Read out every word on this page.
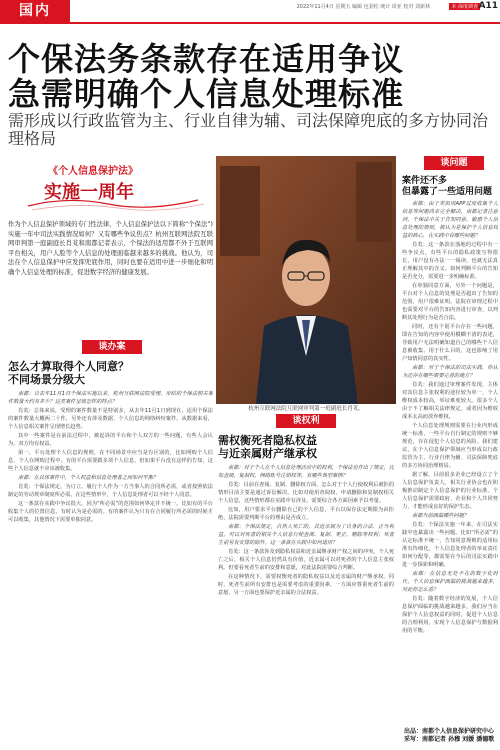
国内	2022年11月4日 星期五 编辑 包劲松 统计 周亚 校对 刘新林	本·深度调查 A11
个保法务条款存在适用争议
急需明确个人信息处理标准
需形成以行政监管为主、行业自律为辅、司法保障兜底的多方协同治理格局
《个人信息保护法》
实施一周年

作为个人信息保护领域的专门性法律，个人信息保护法以下简称“个保法”)实施一年中司法实践情况如何？又有哪些争议焦点？杭州互联网法院互联网审判第一庭副庭长肖芄和南都记者表示，个保法的适用都不外于互联网平台相关，用户人脸等个人信息的处理面临越来越多的挑战。他认为，司法在个人信息保护中应发挥兜底作用，同时也要在适用中进一步细化和明确个人信息处理的标准，促进数字经济的健康发展。

杭州互联网法院互联网审判第一庭副庭长肖芄。
谈办案
怎么才算取得个人同意？
不同场景分级大

南都：自去年11月1日个保法实施以来，杭州互联网法院受理、审结的个保法相关案件数量大约有多少？这类案件呈现怎样的特点？

肖芄：总体来说，受理的案件数量不是特别多，从去年11月1日到现在，适用个保法的案件数量大概两二十件，另外还有涉及数据、个人信息的网络纠纷案件。从数据来看，个人信息相关案件呈现增长趋势。

其中一些案件是在前法过程中，被起诉的平台和个人双方的一些问题，有些人会认为，双方均有权益。

第一，平台处理个人信息的规则，在不同场景中应当是有区别的，比如网购个人信息，个人在网购过程中，有的平台需要跟多项个人信息，但如果平台没有这样的告知，这些个人信息就不应该被收集。

南都：在具体案件中，个人权益和信息处理者之间如何平衡？

肖芄：个保法规定，为订立、履行个人作为一方当事人的合同所必需，或者按照依法制定的劳动规章制度所必需。在这些情形中，个人信息处理者可以不经个人同意。

这一条款在实践中争议很大，因为“所必需”的范围如何界定并不统一。比如有的平台收集个人的位置信息，有时认为是必需的。有的案件认为只有在合同履行所必需的时候才可以收集，其他情况下需要单独同意。

谈权利
需权衡死者隐私权益
与近亲属财产继承权

南都：对于个人在个人信息处理活动中的权利，个保法也作出了规定，比如查阅、复制权，网络账号注销权等，有哪些典型案例？

肖芄：目前在查阅、复制、删除权方面，怎么对于个人行使权利后被拒的情形目前主要是通过诉讼解决。比如对使用查阅权，申请删除和复制权相关个人信息，这些情形都在实践中有涉及，需要综合各方面因素予以考量。

比如，用户要求平台删除自己的个人信息，平台以保存法定期限为由拒绝，法院需要判断平台的理由是否成立。

南都：个保法规定，自然人死亡的，其近亲属为了自身的合法、正当利益，可以对死者的相关个人信息行使查阅、复制、更正、删除等权利；死者生前另有安排的除外。这一条款在实践中如何适用？

肖芄：这一条款涉及到隐私权益和近亲属继承财产权之间的冲突。个人死亡之后，相关个人信息仍然具有价值，近亲属可以对死者的个人信息主张权利。但要看死者生前的安排和意愿，对此法院需要综合判断。

在这种情况下，需要权衡死者的隐私权益以及近亲属的财产继承权。同时，死者生前所有安排也是需要考虑的重要因素，一方面应尊重死者生前的意愿，另一方面也要保护近亲属的合法权益。

谈问题
案件还不多
但暴露了一些适用问题

南都：由于类似用APP过度收集个人信息等问题尚未完全解决，南都记者注意到，个保法中关于告知同意、敏感个人信息处理的规则，被认为是保护个人信息权益的核心，在实践中有哪些问题？

肖芄：这一条款在落地的过程中有一些争议点。有些平台的隐私政策写得很长，用户没有办法一一阅读，也就无法真正理解其中的含义。如何判断平台的告知是否充分，需要进一步明确标准。

在单独同意方面，另外一个问题是，平台对个人信息的处理是否超出了告知的范围，用户很难证明。法院在审理过程中也需要对平台的告知内容进行审查，以判断其处理行为是否合法。

同时，还有个别平台存在一些问题，即在告知的内容中使用模糊不清的表述，导致用户无法明确知道自己的哪些个人信息被收集、用于什么目的，这也影响了用户知情同意的真实性。

南都：对于个保法的司法实践，你认为还存在哪些需要完善的地方？

肖芄：我们通过审理案件发现，主体对其信息主张权利的途径较为单一，个人维权成本较高，举证难度较大。很多个人由于不了解相关法律规定，或者因为维权成本太高而放弃维权。

个人信息处理规则需要在行业内形成统一标准，一些平台自行制定的规则不够规范，存在侵犯个人信息的风险。我们建议，在个人信息保护领域应当形成以行政监管为主、行业自律为辅、司法保障兜底的多方协同治理格局。

据了解，目前很多企业已经设立了个人信息保护负责人，相关行业协会也在积极推动制定个人信息保护的行业标准。个人信息保护需要政府、企业和个人共同努力，才能形成良好的保护生态。

南都当前面临哪些问题？

肖芄：个保法实施一年来，在司法实践中也暴露出一些问题。比如“所必需”的认定标准不统一，告知同意规则的适用标准有待细化，个人信息处理者的举证责任如何分配等，都需要在今后的司法实践中进一步探索和明确。

南都：在信息无处不在的数字化时代，个人信息保护面临的挑战越来越多，对此你怎么看？

肖芄：随着数字经济的发展，个人信息保护面临的挑战越来越多，我们应当在保护个人信息权益的同时，促进个人信息的合理利用，实现个人信息保护与数据利用的平衡。

出品：南都个人信息保护研究中心
采写：南都记者 孙穆 刘媛 潘德歌
